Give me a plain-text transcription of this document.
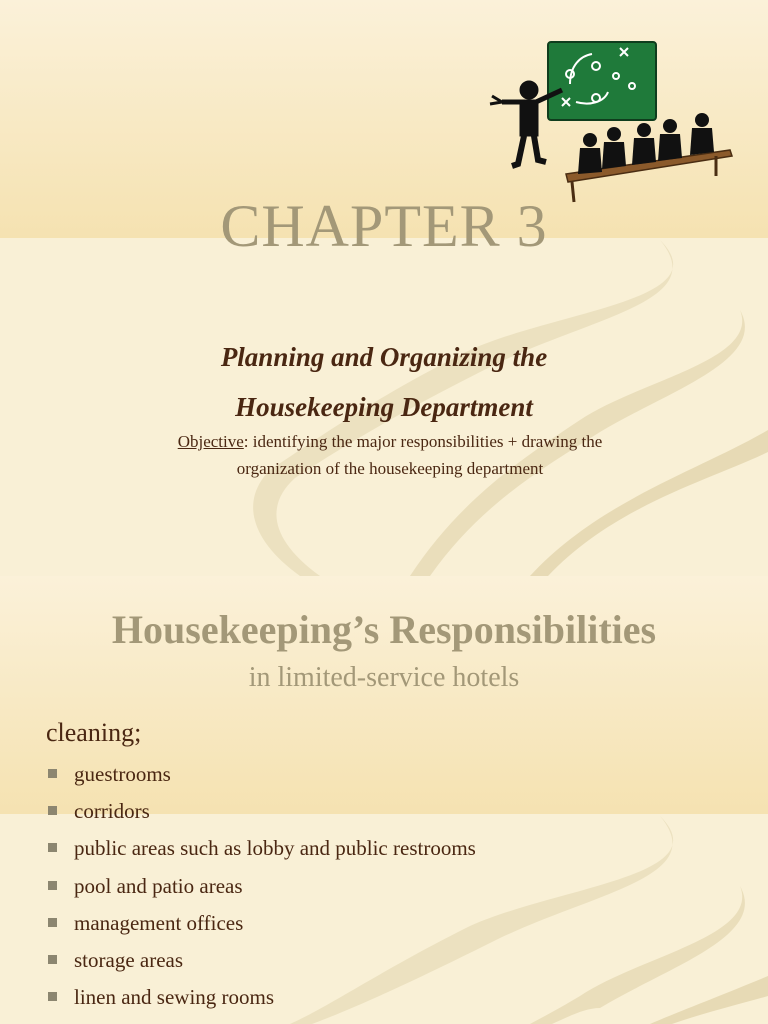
CHAPTER 3
Planning and Organizing the
Housekeeping Department
Objective: identifying the major responsibilities + drawing the
organization of the housekeeping department
Housekeeping’s Responsibilities
in limited-service hotels
cleaning;
guestrooms
corridors
public areas such as lobby and public restrooms
pool and patio areas
management offices
storage areas
linen and sewing rooms
